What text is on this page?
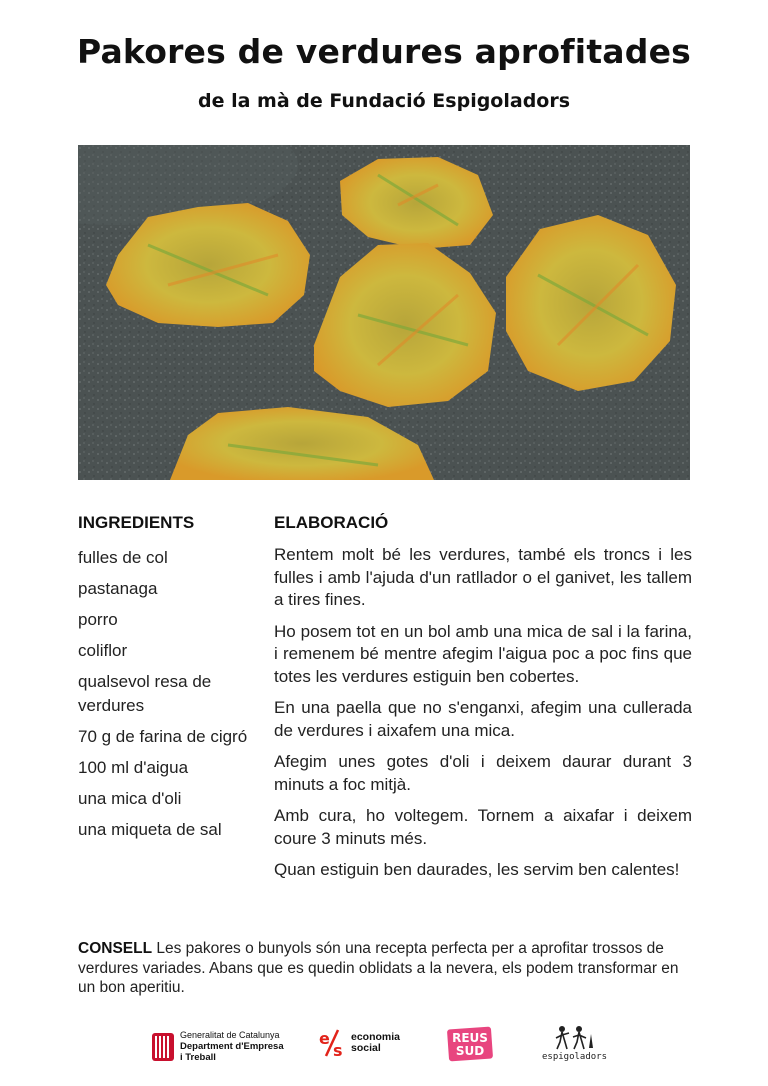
Pakores de verdures aprofitades
de la mà de Fundació Espigoladors
INGREDIENTS
fulles de col
pastanaga
porro
coliflor
qualsevol resa de verdures
70 g de farina de cigró
100 ml d'aigua
una mica d'oli
una miqueta de sal
ELABORACIÓ

Rentem molt bé les verdures, també els troncs i les fulles i amb l'ajuda d'un ratllador o el ganivet, les tallem a tires fines.

Ho posem tot en un bol amb una mica de sal i la farina, i remenem bé mentre afegim l'aigua poc a poc fins que totes les verdures estiguin ben cobertes.

En una paella que no s'enganxi, afegim una cullerada de verdures i aixafem una mica.

Afegim unes gotes d'oli i deixem daurar durant 3 minuts a foc mitjà.

Amb cura, ho voltegem. Tornem a aixafar i deixem coure 3 minuts més.

Quan estiguin ben daurades, les servim ben calentes!

CONSELL Les pakores o bunyols són una recepta perfecta per a aprofitar trossos de verdures variades. Abans que es quedin oblidats a la nevera, els podem transformar en un bon aperitiu.

Generalitat de Catalunya
Department d'Empresa
i Treball
e
s
economia
social
REUS
SUD	espigoladors
